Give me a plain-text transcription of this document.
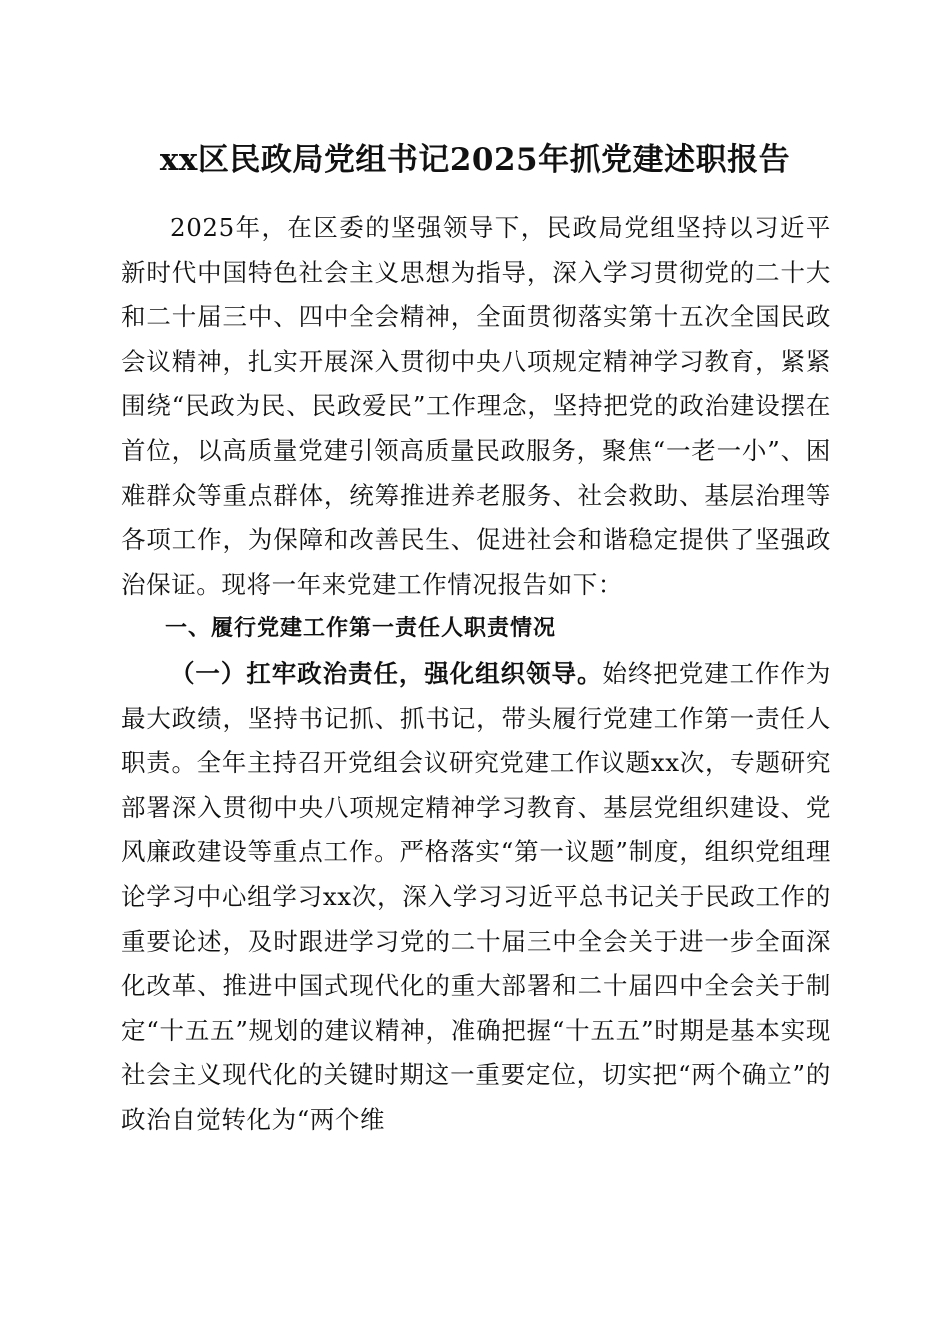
xx区民政局党组书记2025年抓党建述职报告

2025年，在区委的坚强领导下，民政局党组坚持以习近平新时代中国特色社会主义思想为指导，深入学习贯彻党的二十大和二十届三中、四中全会精神，全面贯彻落实第十五次全国民政会议精神，扎实开展深入贯彻中央八项规定精神学习教育，紧紧围绕“民政为民、民政爱民”工作理念，坚持把党的政治建设摆在首位，以高质量党建引领高质量民政服务，聚焦“一老一小”、困难群众等重点群体，统筹推进养老服务、社会救助、基层治理等各项工作，为保障和改善民生、促进社会和谐稳定提供了坚强政治保证。现将一年来党建工作情况报告如下：

一、履行党建工作第一责任人职责情况

（一）扛牢政治责任，强化组织领导。始终把党建工作作为最大政绩，坚持书记抓、抓书记，带头履行党建工作第一责任人职责。全年主持召开党组会议研究党建工作议题xx次，专题研究部署深入贯彻中央八项规定精神学习教育、基层党组织建设、党风廉政建设等重点工作。严格落实“第一议题”制度，组织党组理论学习中心组学习xx次，深入学习习近平总书记关于民政工作的重要论述，及时跟进学习党的二十届三中全会关于进一步全面深化改革、推进中国式现代化的重大部署和二十届四中全会关于制定“十五五”规划的建议精神，准确把握“十五五”时期是基本实现社会主义现代化的关键时期这一重要定位，切实把“两个确立”的政治自觉转化为“两个维
